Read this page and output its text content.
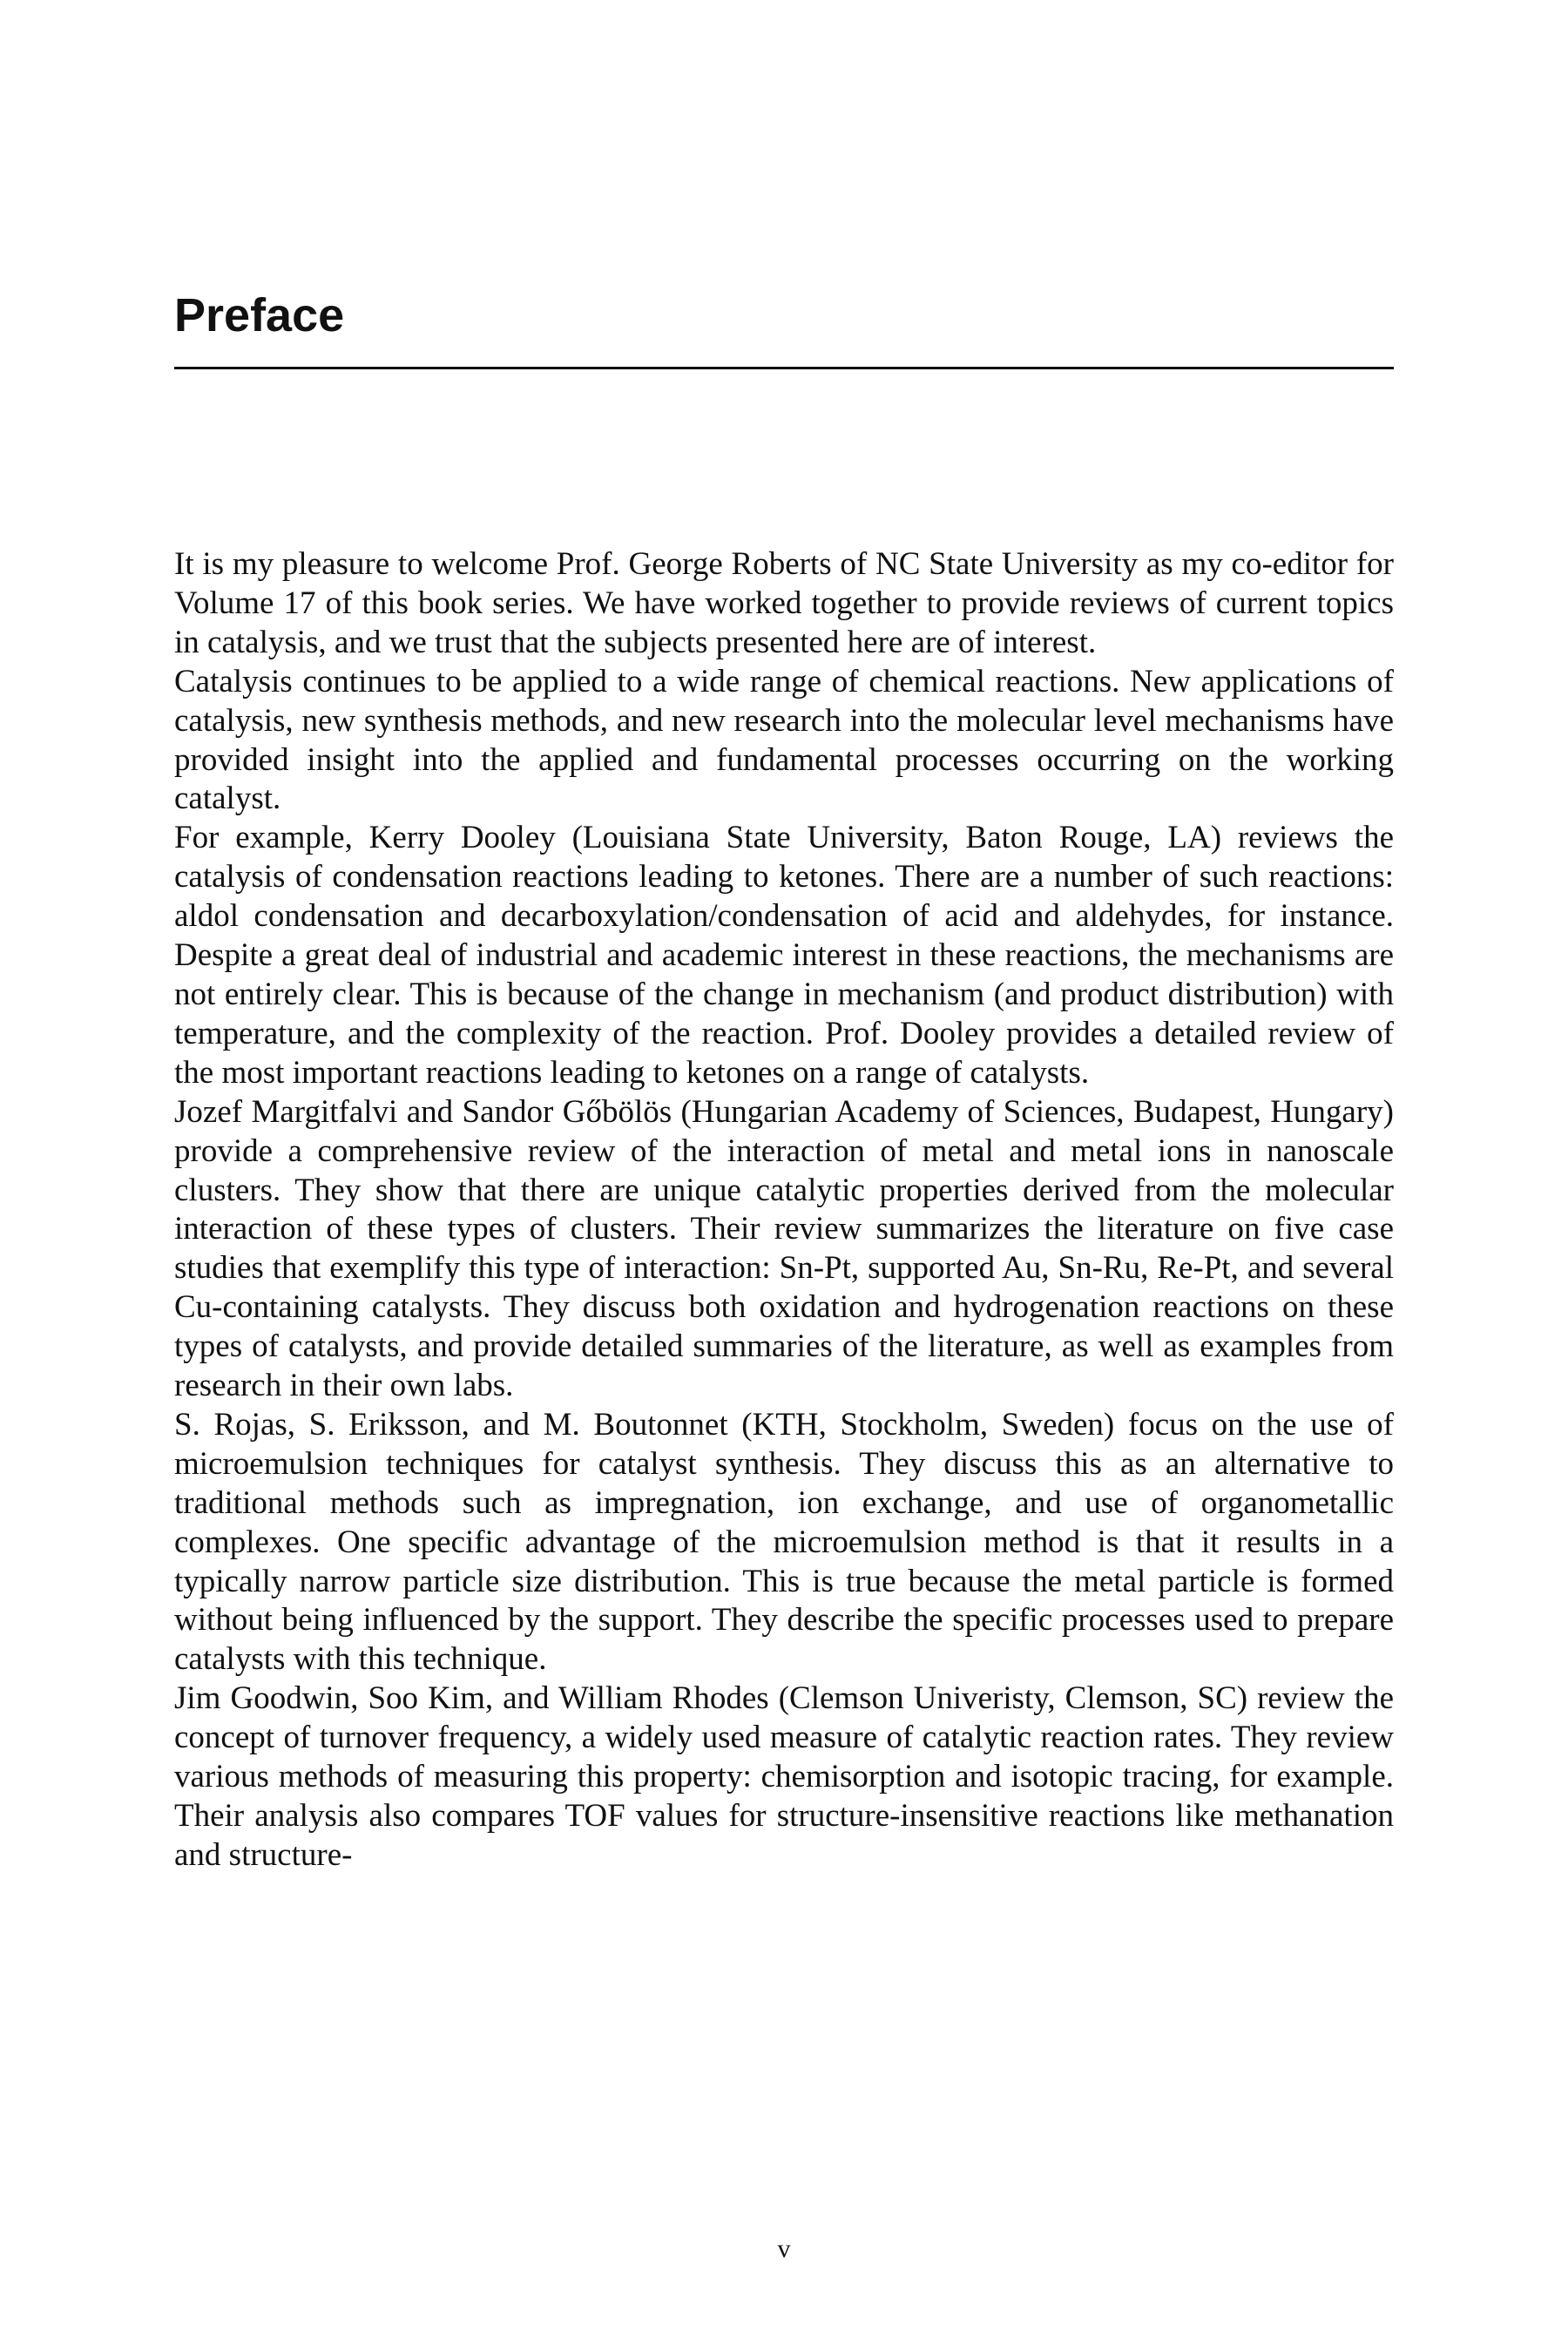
Preface

It is my pleasure to welcome Prof. George Roberts of NC State University as my co-editor for Volume 17 of this book series. We have worked together to provide reviews of current topics in catalysis, and we trust that the subjects presented here are of interest.

Catalysis continues to be applied to a wide range of chemical reactions. New applications of catalysis, new synthesis methods, and new research into the molecular level mechanisms have provided insight into the applied and fundamental processes occurring on the working catalyst.

For example, Kerry Dooley (Louisiana State University, Baton Rouge, LA) reviews the catalysis of condensation reactions leading to ketones. There are a number of such reactions: aldol condensation and decarboxylation/condensation of acid and aldehydes, for instance. Despite a great deal of industrial and academic interest in these reactions, the mechanisms are not entirely clear. This is because of the change in mechanism (and product distribution) with temperature, and the complexity of the reaction. Prof. Dooley provides a detailed review of the most important reactions leading to ketones on a range of catalysts.

Jozef Margitfalvi and Sandor Gőbölös (Hungarian Academy of Sciences, Budapest, Hungary) provide a comprehensive review of the interaction of metal and metal ions in nanoscale clusters. They show that there are unique catalytic properties derived from the molecular interaction of these types of clusters. Their review summarizes the literature on five case studies that exemplify this type of interaction: Sn-Pt, supported Au, Sn-Ru, Re-Pt, and several Cu-containing catalysts. They discuss both oxidation and hydrogenation reactions on these types of catalysts, and provide detailed summaries of the literature, as well as examples from research in their own labs.

S. Rojas, S. Eriksson, and M. Boutonnet (KTH, Stockholm, Sweden) focus on the use of microemulsion techniques for catalyst synthesis. They discuss this as an alternative to traditional methods such as impregnation, ion exchange, and use of organometallic complexes. One specific advantage of the microemulsion method is that it results in a typically narrow particle size distribution. This is true because the metal particle is formed without being influenced by the support. They describe the specific processes used to prepare catalysts with this technique.

Jim Goodwin, Soo Kim, and William Rhodes (Clemson Univeristy, Clemson, SC) review the concept of turnover frequency, a widely used measure of catalytic reaction rates. They review various methods of measuring this property: chemisorption and isotopic tracing, for example. Their analysis also compares TOF values for structure-insensitive reactions like methanation and structure-

v
